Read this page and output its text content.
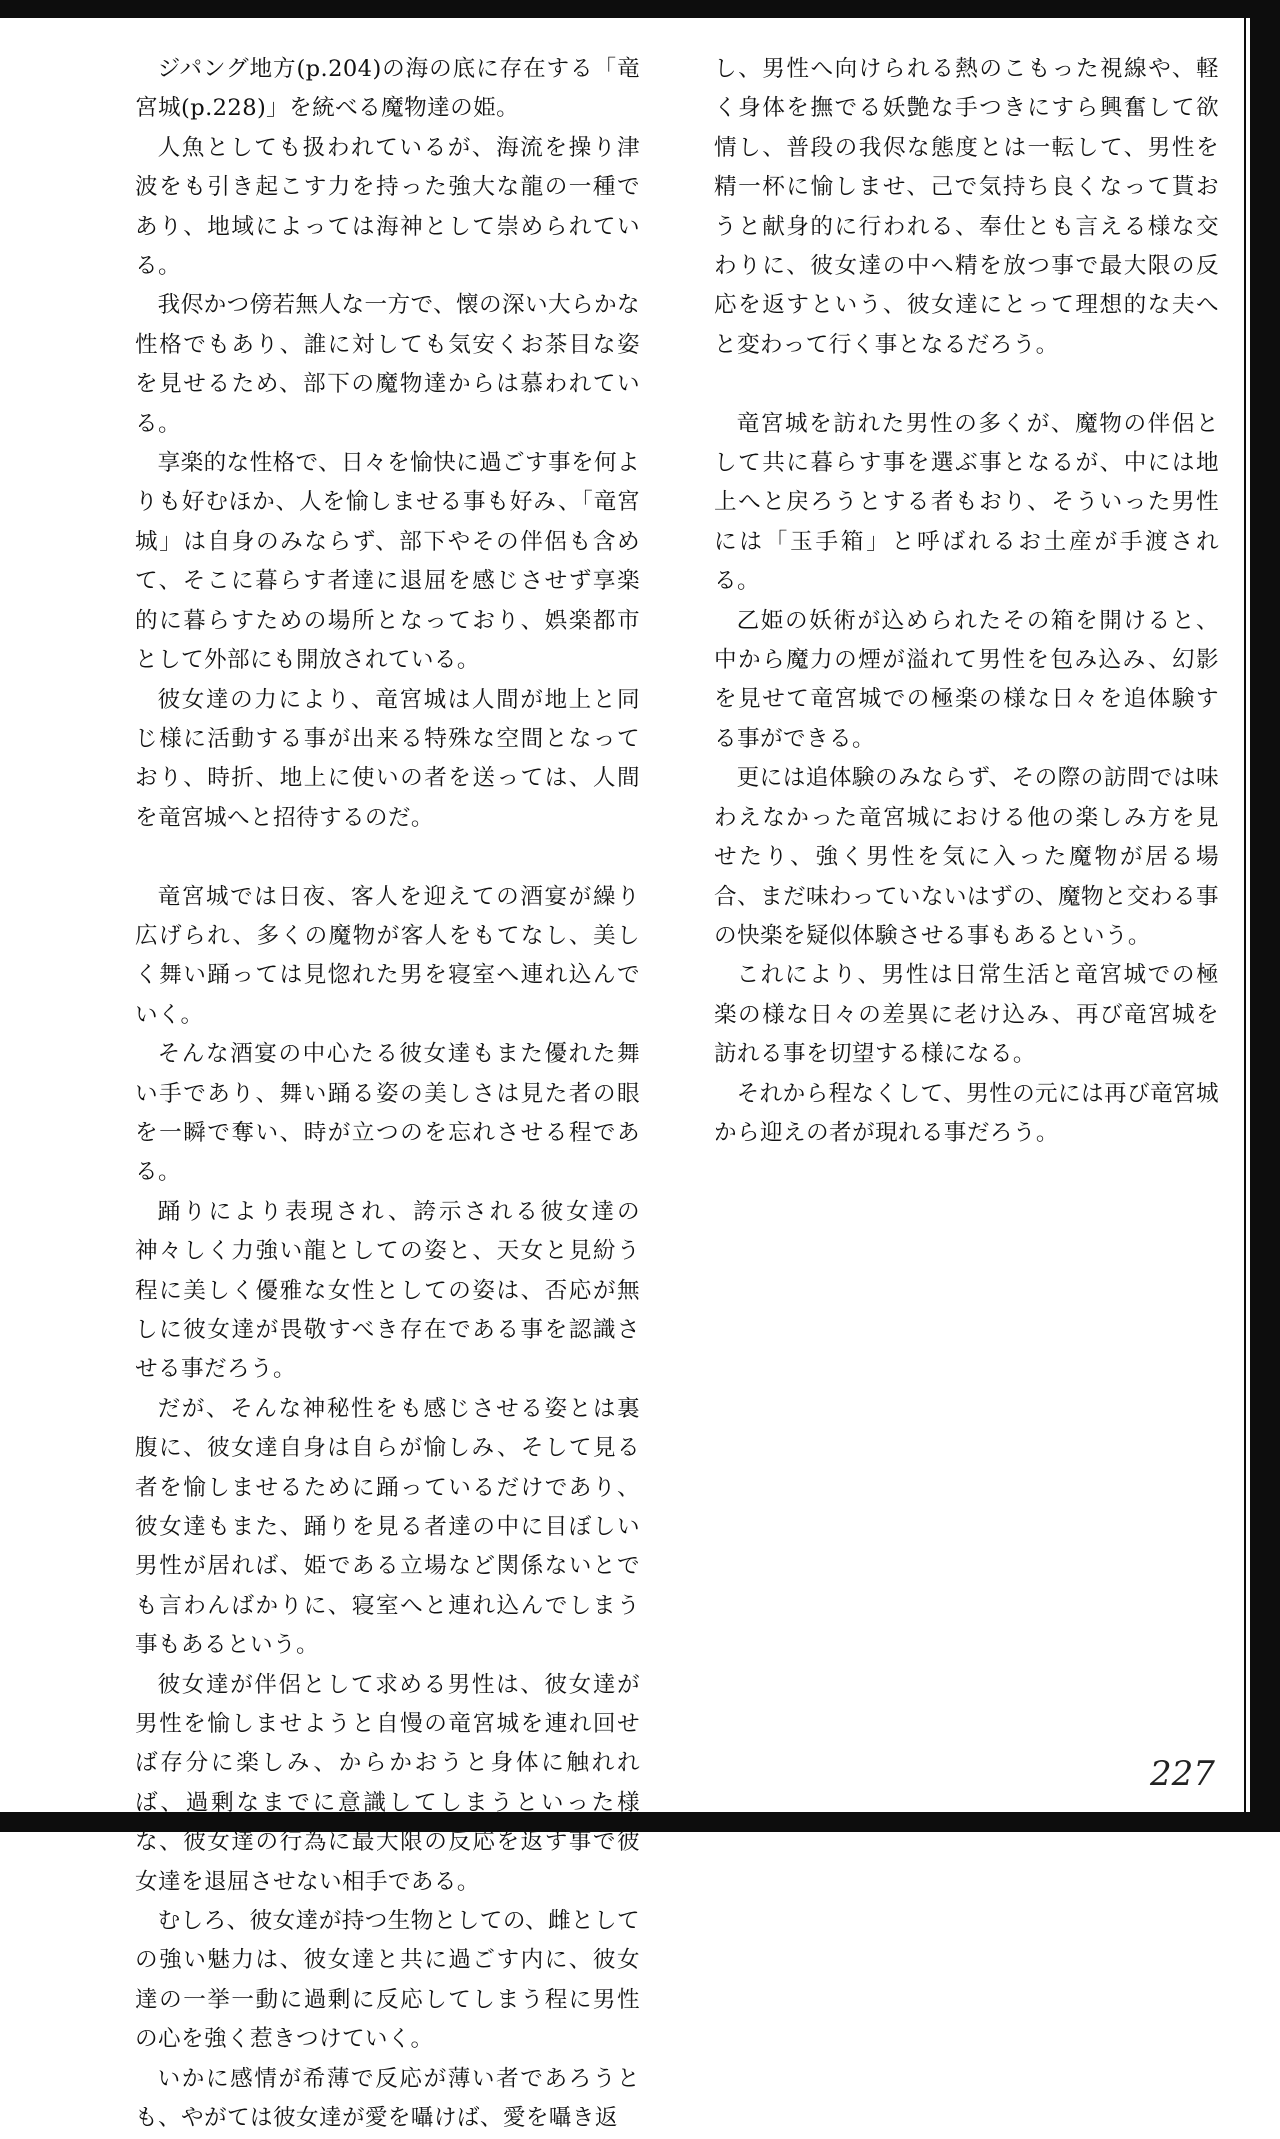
ジパング地方(p.204)の海の底に存在する「竜宮城(p.228)」を統べる魔物達の姫。

人魚としても扱われているが、海流を操り津波をも引き起こす力を持った強大な龍の一種であり、地域によっては海神として崇められている。

我侭かつ傍若無人な一方で、懐の深い大らかな性格でもあり、誰に対しても気安くお茶目な姿を見せるため、部下の魔物達からは慕われている。

享楽的な性格で、日々を愉快に過ごす事を何よりも好むほか、人を愉しませる事も好み、「竜宮城」は自身のみならず、部下やその伴侶も含めて、そこに暮らす者達に退屈を感じさせず享楽的に暮らすための場所となっており、娯楽都市として外部にも開放されている。

彼女達の力により、竜宮城は人間が地上と同じ様に活動する事が出来る特殊な空間となっており、時折、地上に使いの者を送っては、人間を竜宮城へと招待するのだ。

竜宮城では日夜、客人を迎えての酒宴が繰り広げられ、多くの魔物が客人をもてなし、美しく舞い踊っては見惚れた男を寝室へ連れ込んでいく。

そんな酒宴の中心たる彼女達もまた優れた舞い手であり、舞い踊る姿の美しさは見た者の眼を一瞬で奪い、時が立つのを忘れさせる程である。

踊りにより表現され、誇示される彼女達の神々しく力強い龍としての姿と、天女と見紛う程に美しく優雅な女性としての姿は、否応が無しに彼女達が畏敬すべき存在である事を認識させる事だろう。

だが、そんな神秘性をも感じさせる姿とは裏腹に、彼女達自身は自らが愉しみ、そして見る者を愉しませるために踊っているだけであり、彼女達もまた、踊りを見る者達の中に目ぼしい男性が居れば、姫である立場など関係ないとでも言わんばかりに、寝室へと連れ込んでしまう事もあるという。

彼女達が伴侶として求める男性は、彼女達が男性を愉しませようと自慢の竜宮城を連れ回せば存分に楽しみ、からかおうと身体に触れれば、過剰なまでに意識してしまうといった様な、彼女達の行為に最大限の反応を返す事で彼女達を退屈させない相手である。

むしろ、彼女達が持つ生物としての、雌としての強い魅力は、彼女達と共に過ごす内に、彼女達の一挙一動に過剰に反応してしまう程に男性の心を強く惹きつけていく。

いかに感情が希薄で反応が薄い者であろうとも、やがては彼女達が愛を囁けば、愛を囁き返

し、男性へ向けられる熱のこもった視線や、軽く身体を撫でる妖艶な手つきにすら興奮して欲情し、普段の我侭な態度とは一転して、男性を精一杯に愉しませ、己で気持ち良くなって貰おうと献身的に行われる、奉仕とも言える様な交わりに、彼女達の中へ精を放つ事で最大限の反応を返すという、彼女達にとって理想的な夫へと変わって行く事となるだろう。

竜宮城を訪れた男性の多くが、魔物の伴侶として共に暮らす事を選ぶ事となるが、中には地上へと戻ろうとする者もおり、そういった男性には「玉手箱」と呼ばれるお土産が手渡される。

乙姫の妖術が込められたその箱を開けると、中から魔力の煙が溢れて男性を包み込み、幻影を見せて竜宮城での極楽の様な日々を追体験する事ができる。

更には追体験のみならず、その際の訪問では味わえなかった竜宮城における他の楽しみ方を見せたり、強く男性を気に入った魔物が居る場合、まだ味わっていないはずの、魔物と交わる事の快楽を疑似体験させる事もあるという。

これにより、男性は日常生活と竜宮城での極楽の様な日々の差異に老け込み、再び竜宮城を訪れる事を切望する様になる。

それから程なくして、男性の元には再び竜宮城から迎えの者が現れる事だろう。

227
